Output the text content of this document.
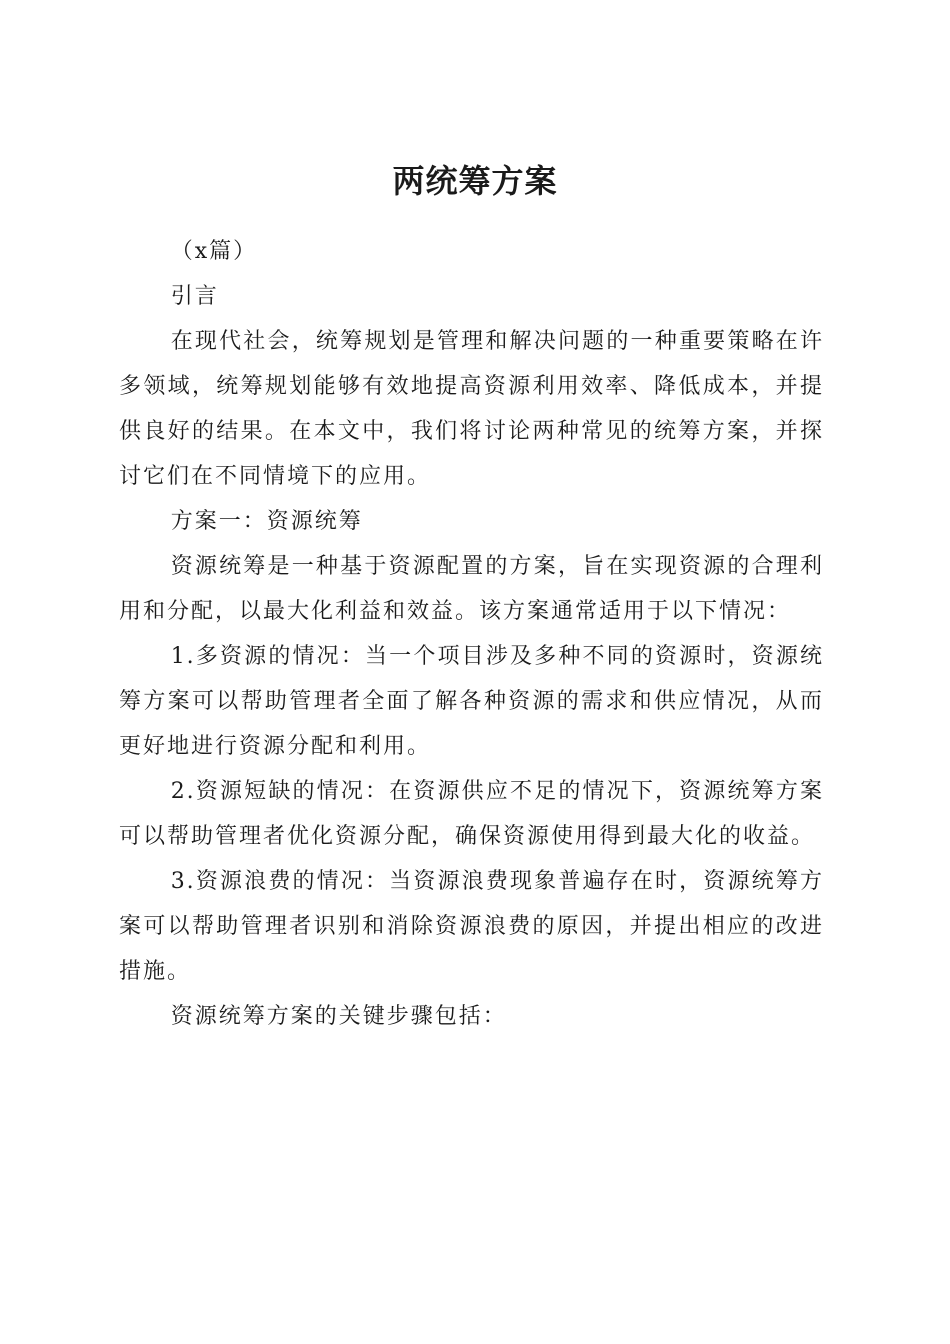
两统筹方案

（x篇）

引言

在现代社会，统筹规划是管理和解决问题的一种重要策略在许多领域，统筹规划能够有效地提高资源利用效率、降低成本，并提供良好的结果。在本文中，我们将讨论两种常见的统筹方案，并探讨它们在不同情境下的应用。

方案一：资源统筹

资源统筹是一种基于资源配置的方案，旨在实现资源的合理利用和分配，以最大化利益和效益。该方案通常适用于以下情况：

1.多资源的情况：当一个项目涉及多种不同的资源时，资源统筹方案可以帮助管理者全面了解各种资源的需求和供应情况，从而更好地进行资源分配和利用。

2.资源短缺的情况：在资源供应不足的情况下，资源统筹方案可以帮助管理者优化资源分配，确保资源使用得到最大化的收益。

3.资源浪费的情况：当资源浪费现象普遍存在时，资源统筹方案可以帮助管理者识别和消除资源浪费的原因，并提出相应的改进措施。

资源统筹方案的关键步骤包括：
